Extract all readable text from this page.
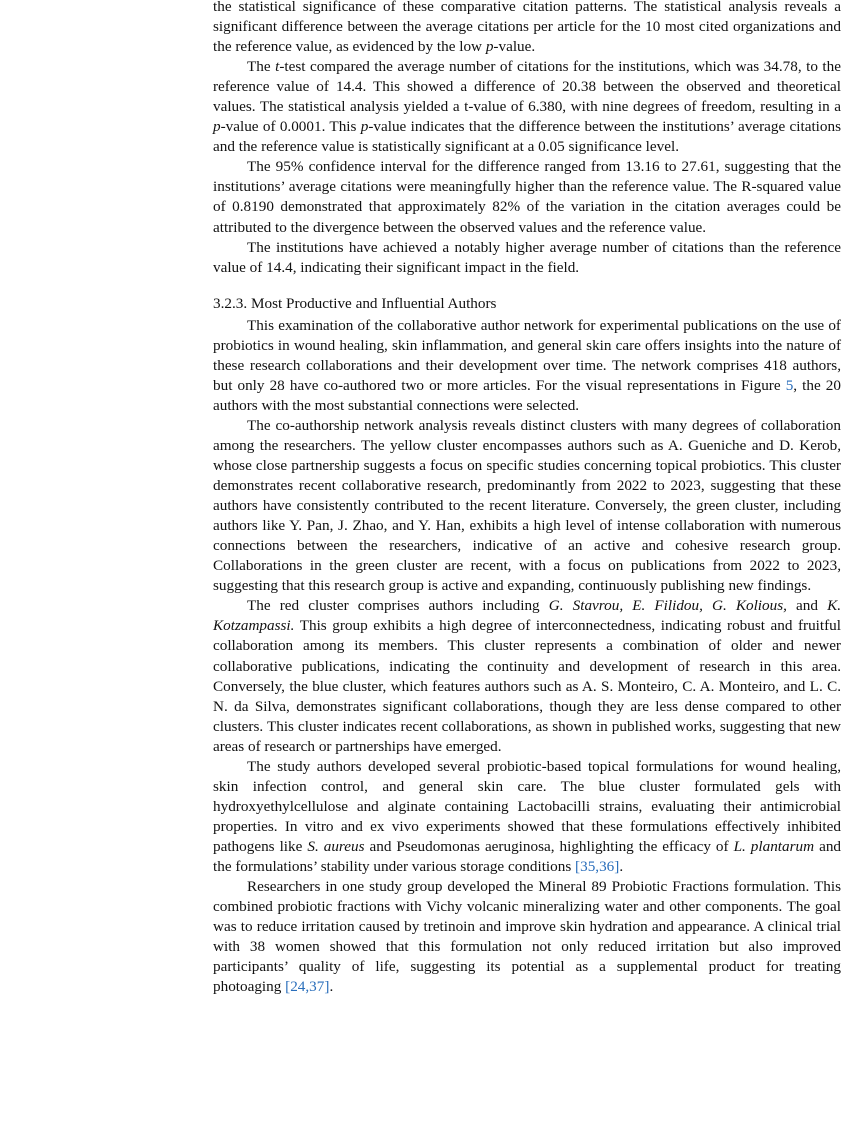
the statistical significance of these comparative citation patterns. The statistical analysis reveals a significant difference between the average citations per article for the 10 most cited organizations and the reference value, as evidenced by the low p-value.

The t-test compared the average number of citations for the institutions, which was 34.78, to the reference value of 14.4. This showed a difference of 20.38 between the observed and theoretical values. The statistical analysis yielded a t-value of 6.380, with nine degrees of freedom, resulting in a p-value of 0.0001. This p-value indicates that the difference between the institutions’ average citations and the reference value is statistically significant at a 0.05 significance level.

The 95% confidence interval for the difference ranged from 13.16 to 27.61, suggesting that the institutions’ average citations were meaningfully higher than the reference value. The R-squared value of 0.8190 demonstrated that approximately 82% of the variation in the citation averages could be attributed to the divergence between the observed values and the reference value.

The institutions have achieved a notably higher average number of citations than the reference value of 14.4, indicating their significant impact in the field.

3.2.3. Most Productive and Influential Authors

This examination of the collaborative author network for experimental publications on the use of probiotics in wound healing, skin inflammation, and general skin care offers insights into the nature of these research collaborations and their development over time. The network comprises 418 authors, but only 28 have co-authored two or more articles. For the visual representations in Figure 5, the 20 authors with the most substantial connections were selected.

The co-authorship network analysis reveals distinct clusters with many degrees of collaboration among the researchers. The yellow cluster encompasses authors such as A. Gueniche and D. Kerob, whose close partnership suggests a focus on specific studies concerning topical probiotics. This cluster demonstrates recent collaborative research, predominantly from 2022 to 2023, suggesting that these authors have consistently contributed to the recent literature. Conversely, the green cluster, including authors like Y. Pan, J. Zhao, and Y. Han, exhibits a high level of intense collaboration with numerous connections between the researchers, indicative of an active and cohesive research group. Collaborations in the green cluster are recent, with a focus on publications from 2022 to 2023, suggesting that this research group is active and expanding, continuously publishing new findings.

The red cluster comprises authors including G. Stavrou, E. Filidou, G. Kolious, and K. Kotzampassi. This group exhibits a high degree of interconnectedness, indicating robust and fruitful collaboration among its members. This cluster represents a combination of older and newer collaborative publications, indicating the continuity and development of research in this area. Conversely, the blue cluster, which features authors such as A. S. Monteiro, C. A. Monteiro, and L. C. N. da Silva, demonstrates significant collaborations, though they are less dense compared to other clusters. This cluster indicates recent collaborations, as shown in published works, suggesting that new areas of research or partnerships have emerged.

The study authors developed several probiotic-based topical formulations for wound healing, skin infection control, and general skin care. The blue cluster formulated gels with hydroxyethylcellulose and alginate containing Lactobacilli strains, evaluating their antimicrobial properties. In vitro and ex vivo experiments showed that these formulations effectively inhibited pathogens like S. aureus and Pseudomonas aeruginosa, highlighting the efficacy of L. plantarum and the formulations’ stability under various storage conditions [35,36].

Researchers in one study group developed the Mineral 89 Probiotic Fractions formulation. This combined probiotic fractions with Vichy volcanic mineralizing water and other components. The goal was to reduce irritation caused by tretinoin and improve skin hydration and appearance. A clinical trial with 38 women showed that this formulation not only reduced irritation but also improved participants’ quality of life, suggesting its potential as a supplemental product for treating photoaging [24,37].
